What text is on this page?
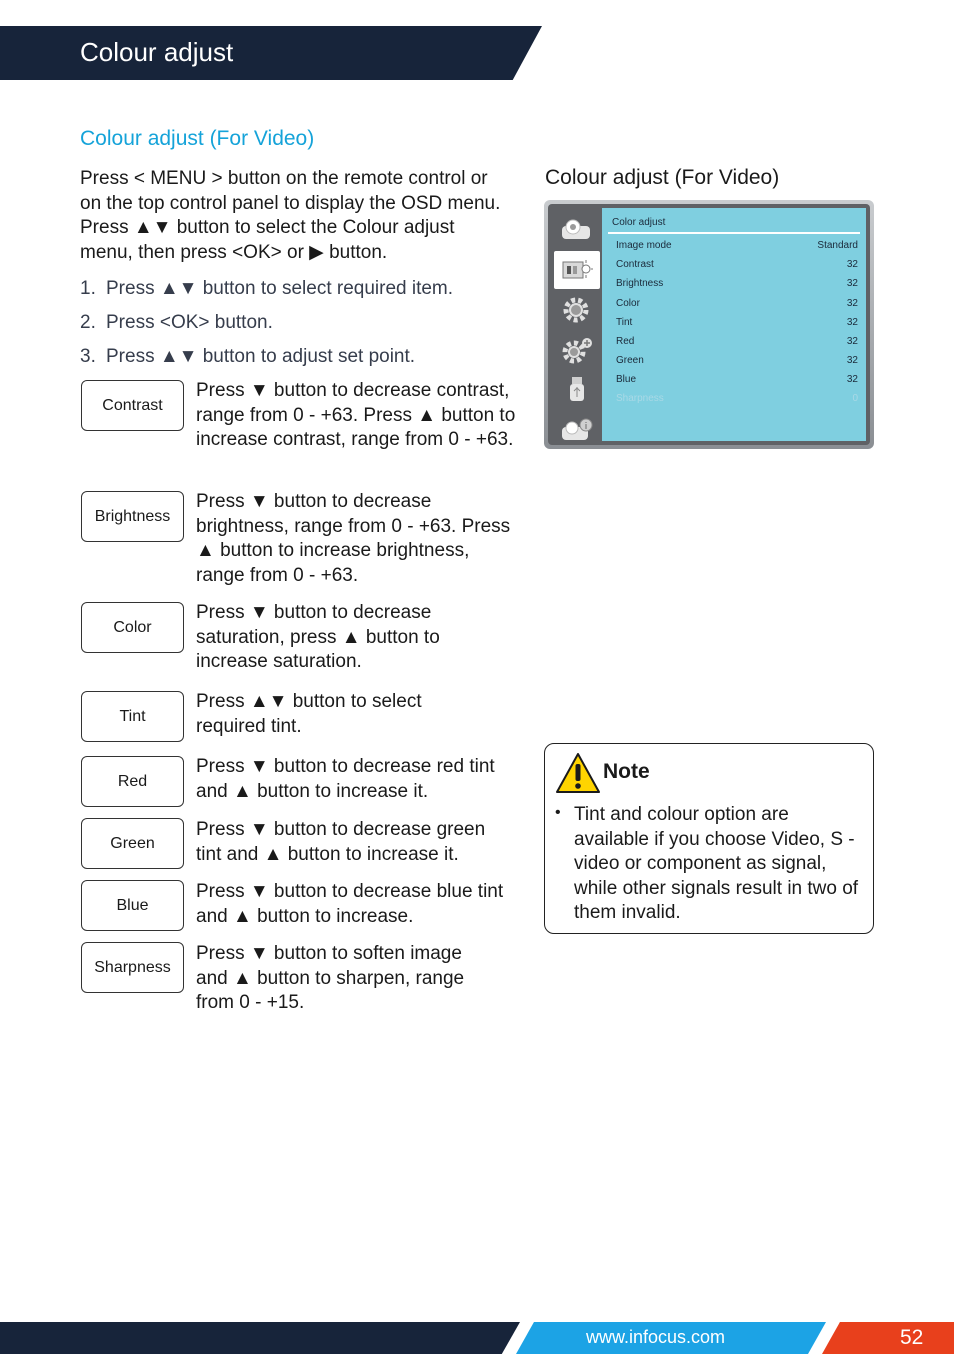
Colour adjust
Colour adjust (For Video)
Press < MENU > button on the remote control or on the top control panel to display the OSD menu. Press ▲▼ button to select the Colour adjust menu, then press <OK> or ▶ button.
1. Press ▲▼ button to select required item.
2. Press <OK> button.
3. Press ▲▼ button to adjust set point.
Contrast
Press ▼ button to decrease contrast, range from 0 - +63. Press ▲ button to increase contrast, range from 0 - +63.
Brightness
Press ▼ button to decrease brightness, range from 0 - +63. Press ▲ button to increase brightness, range from 0 - +63.
Color
Press ▼ button to decrease saturation, press ▲ button to increase saturation.
Tint
Press ▲▼ button to select required tint.
Red
Press ▼ button to decrease red tint and ▲ button to increase it.
Green
Press ▼ button to decrease green tint and ▲ button to increase it.
Blue
Press ▼ button to decrease blue tint and ▲ button to increase.
Sharpness
Press ▼ button to soften image and ▲ button to sharpen, range from 0 - +15.
Colour adjust (For Video)
i
Color adjust
Image mode	Standard
Contrast	32
Brightness	32
Color	32
Tint	32
Red	32
Green	32
Blue	32
Sharpness	0
Note
• Tint and colour option are available if you choose Video, S - video or component as signal, while other signals result in two of them invalid.
www.infocus.com	52
